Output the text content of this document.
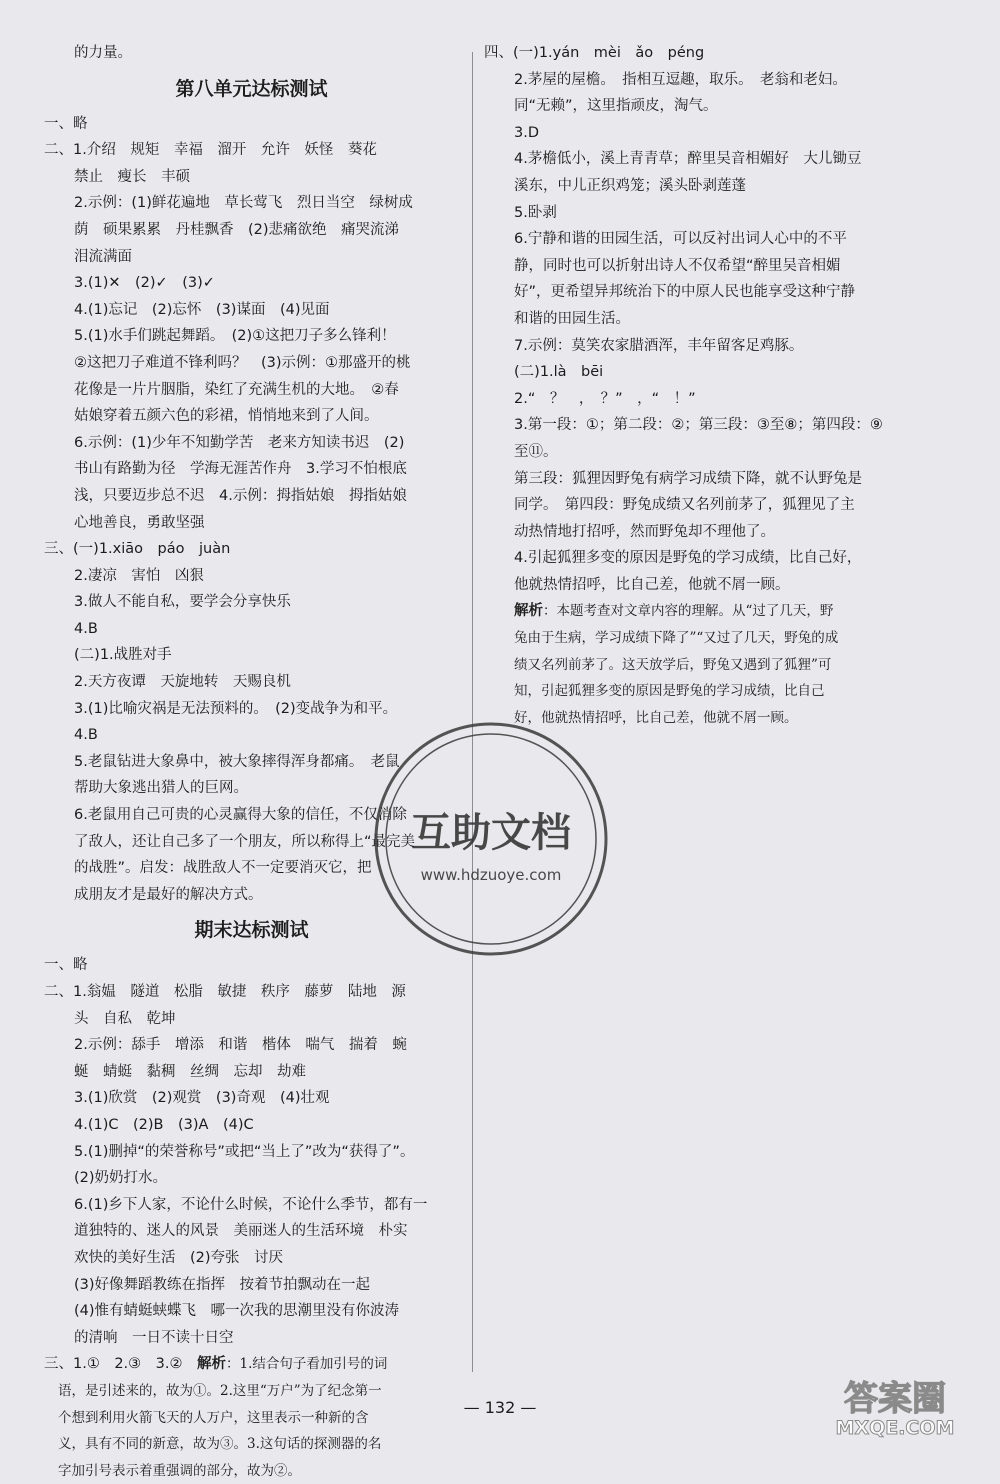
的力量。
第八单元达标测试
一、略
二、1.介绍　规矩　幸福　溜开　允许　妖怪　葵花
禁止　瘦长　丰硕
2.示例：(1)鲜花遍地　草长莺飞　烈日当空　绿树成
荫　硕果累累　丹桂飘香　(2)悲痛欲绝　痛哭流涕
泪流满面
3.(1)✕　(2)✓　(3)✓
4.(1)忘记　(2)忘怀　(3)谋面　(4)见面
5.(1)水手们跳起舞蹈。　(2)①这把刀子多么锋利！
②这把刀子难道不锋利吗？　(3)示例：①那盛开的桃
花像是一片片胭脂，染红了充满生机的大地。　②春
姑娘穿着五颜六色的彩裙，悄悄地来到了人间。
6.示例：(1)少年不知勤学苦　老来方知读书迟　(2)
书山有路勤为径　学海无涯苦作舟　3.学习不怕根底
浅，只要迈步总不迟　4.示例：拇指姑娘　拇指姑娘
心地善良，勇敢坚强
三、(一)1.xiāo　páo　juàn
2.凄凉　害怕　凶狠
3.做人不能自私，要学会分享快乐
4.B
(二)1.战胜对手
2.天方夜谭　天旋地转　天赐良机
3.(1)比喻灾祸是无法预料的。　(2)变战争为和平。
4.B
5.老鼠钻进大象鼻中，被大象摔得浑身都痛。　老鼠
帮助大象逃出猎人的巨网。
6.老鼠用自己可贵的心灵赢得大象的信任，不仅消除
了敌人，还让自己多了一个朋友，所以称得上“最完美
的战胜”。启发：战胜敌人不一定要消灭它，把
成朋友才是最好的解决方式。
期末达标测试
一、略
二、1.翁媪　隧道　松脂　敏捷　秩序　藤萝　陆地　源
头　自私　乾坤
2.示例：舔手　增添　和谐　楷体　喘气　揣着　蜿
蜒　蜻蜓　黏稠　丝绸　忘却　劫难
3.(1)欣赏　(2)观赏　(3)奇观　(4)壮观
4.(1)C　(2)B　(3)A　(4)C
5.(1)删掉“的荣誉称号”或把“当上了”改为“获得了”。
(2)奶奶打水。
6.(1)乡下人家，不论什么时候，不论什么季节，都有一
道独特的、迷人的风景　美丽迷人的生活环境　朴实
欢快的美好生活　(2)夸张　讨厌
(3)好像舞蹈教练在指挥　按着节拍飘动在一起
(4)惟有蜻蜓蛱蝶飞　哪一次我的思潮里没有你波涛
的清响　一日不读十日空
三、1.①　2.③　3.②　解析：1.结合句子看加引号的词
语，是引述来的，故为①。2.这里“万户”为了纪念第一
个想到利用火箭飞天的人万户，这里表示一种新的含
义，具有不同的新意，故为③。3.这句话的探测器的名
字加引号表示着重强调的部分，故为②。
四、(一)1.yán　mèi　ǎo　péng
2.茅屋的屋檐。　指相互逗趣，取乐。　老翁和老妇。
同“无赖”，这里指顽皮，淘气。
3.D
4.茅檐低小，溪上青青草；醉里吴音相媚好　大儿锄豆
溪东，中儿正织鸡笼；溪头卧剥莲蓬
5.卧剥
6.宁静和谐的田园生活，可以反衬出词人心中的不平
静，同时也可以折射出诗人不仅希望“醉里吴音相媚
好”，更希望异邦统治下的中原人民也能享受这种宁静
和谐的田园生活。
7.示例：莫笑农家腊酒浑，丰年留客足鸡豚。
(二)1.là　bēi
2.“　？　，　？”　，“　！”
3.第一段：①；第二段：②；第三段：③至⑧；第四段：⑨
至⑪。
第三段：狐狸因野兔有病学习成绩下降，就不认野兔是
同学。　第四段：野兔成绩又名列前茅了，狐狸见了主
动热情地打招呼，然而野兔却不理他了。
4.引起狐狸多变的原因是野兔的学习成绩，比自己好，
他就热情招呼，比自己差，他就不屑一顾。
解析：本题考查对文章内容的理解。从“过了几天，野
兔由于生病，学习成绩下降了”“又过了几天，野兔的成
绩又名列前茅了。这天放学后，野兔又遇到了狐狸”可
知，引起狐狸多变的原因是野兔的学习成绩，比自己
好，他就热情招呼，比自己差，他就不屑一顾。
互助文档
www.hdzuoye.com
— 132 —	答案圈
MXQE.COM
